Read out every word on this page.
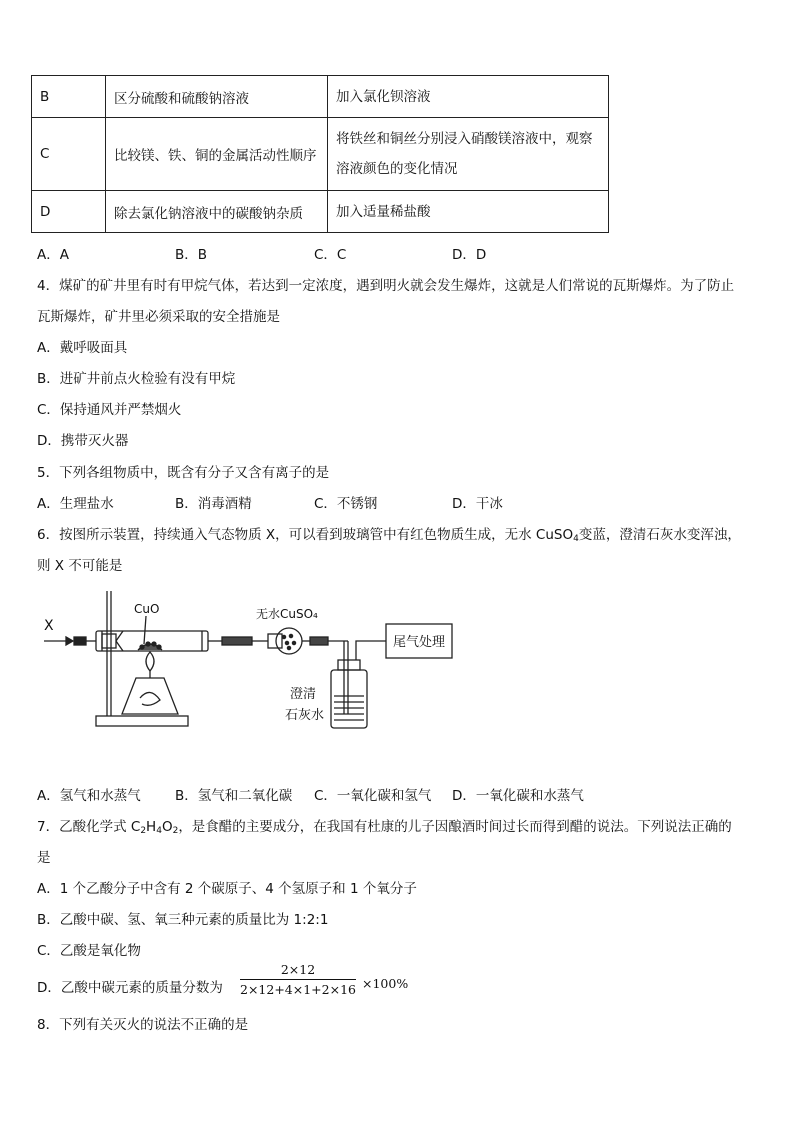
B	区分硫酸和硫酸钠溶液	加入氯化钡溶液

C	比较镁、铁、铜的金属活动性顺序	将铁丝和铜丝分别浸入硝酸镁溶液中，观察
溶液颜色的变化情况

D	除去氯化钠溶液中的碳酸钠杂质	加入适量稀盐酸
A．A	B．B	C．C	D．D
4．煤矿的矿井里有时有甲烷气体，若达到一定浓度，遇到明火就会发生爆炸，这就是人们常说的瓦斯爆炸。为了防止
瓦斯爆炸，矿井里必须采取的安全措施是
A．戴呼吸面具
B．进矿井前点火检验有没有甲烷
C．保持通风并严禁烟火
D．携带灭火器
5．下列各组物质中，既含有分子又含有离子的是
A．生理盐水	B．消毒酒精	C．不锈钢	D．干冰
6．按图所示装置，持续通入气态物质 X，可以看到玻璃管中有红色物质生成，无水 CuSO$_4$变蓝，澄清石灰水变浑浊，
则 X 不可能是
X
CuO	无水CuSO₄
尾气处理
澄清
石灰水
A．氢气和水蒸气	B．氢气和二氧化碳 C．一氧化碳和氢气 D．一氧化碳和水蒸气
7．乙酸化学式 $C_2H_4O_2$，是食醋的主要成分，在我国有杜康的儿子因酿酒时间过长而得到醋的说法。下列说法正确的
是
A．1 个乙酸分子中含有 2 个碳原子、4 个氢原子和 1 个氧分子
B．乙酸中碳、氢、氧三种元素的质量比为 1:2:1
C．乙酸是氧化物
D．乙酸中碳元素的质量分数为
2×12
2×12+4×1+2×16 ×100%
8．下列有关灭火的说法不正确的是
